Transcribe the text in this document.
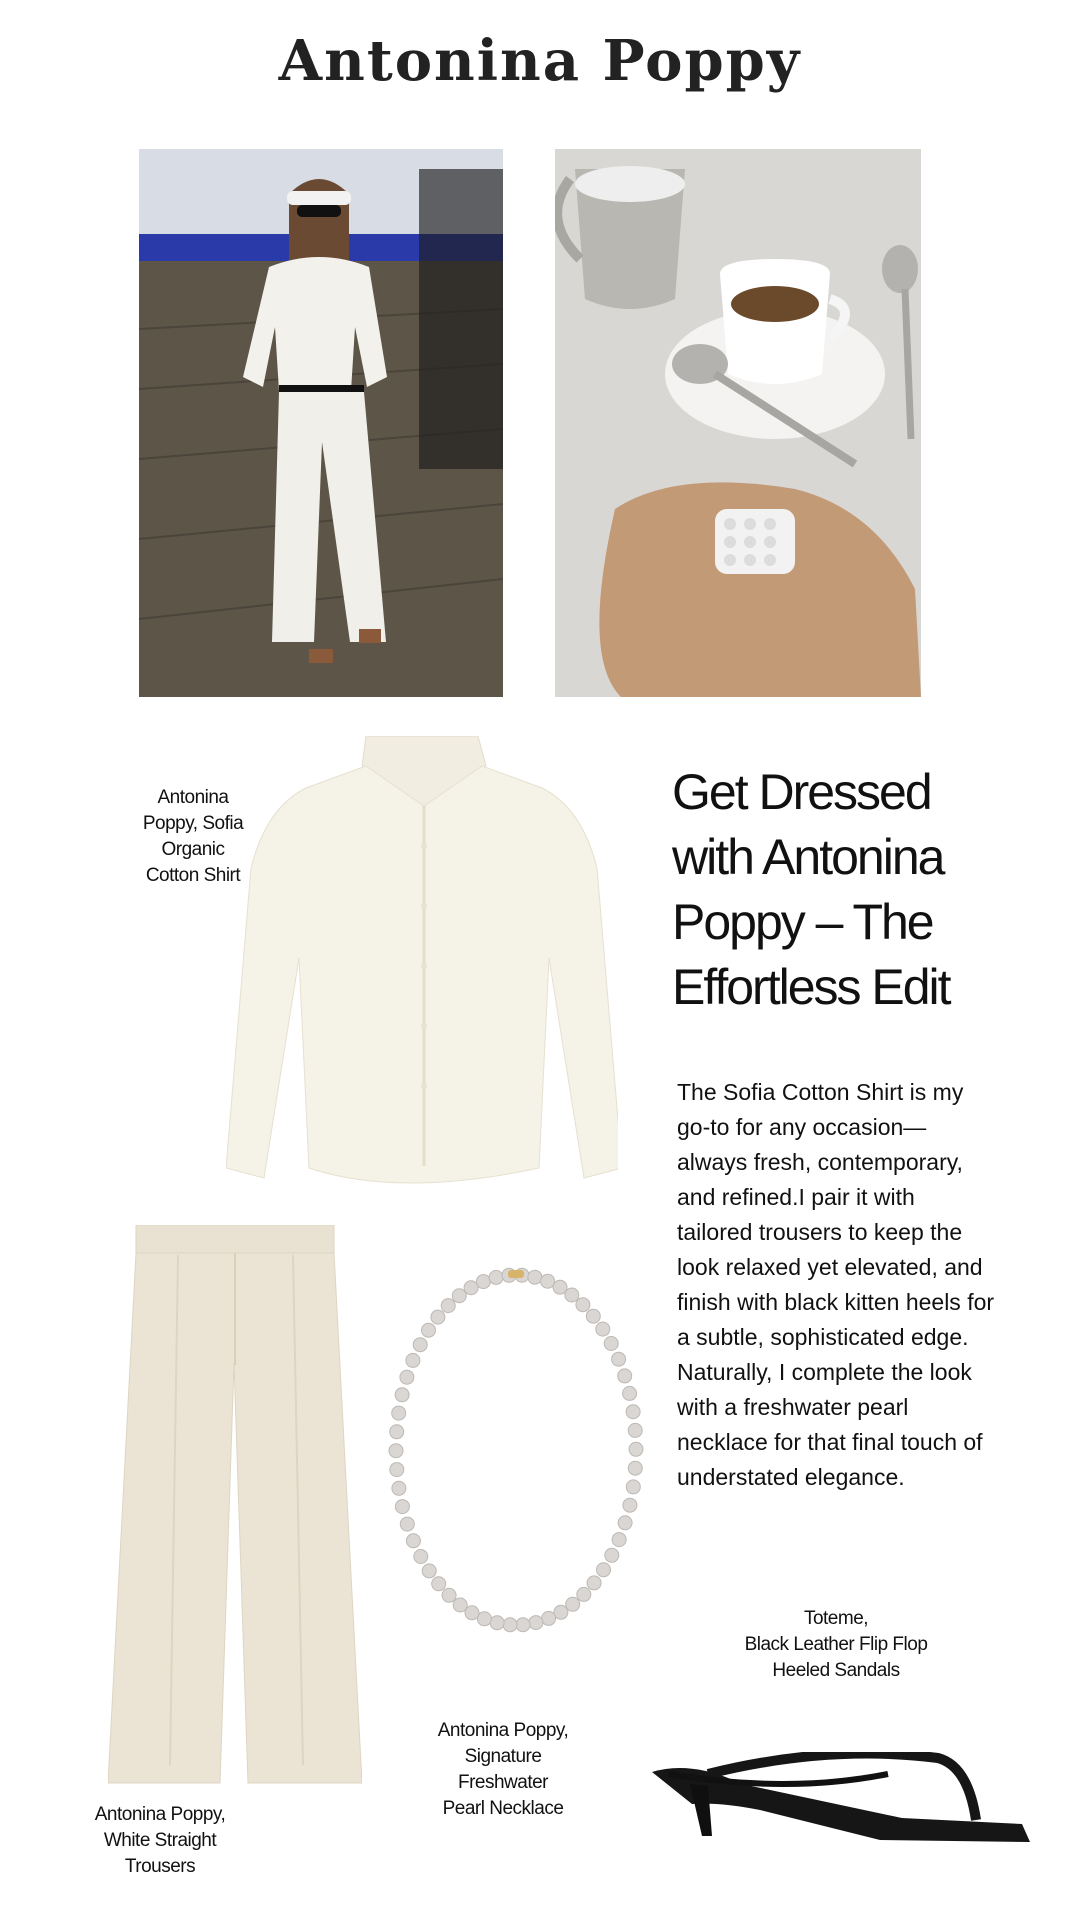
Antonina Poppy
Antonina
Poppy, Sofia
Organic
Cotton Shirt
Get Dressed
with Antonina
Poppy – The
Effortless Edit
The Sofia Cotton Shirt is my
go-to for any occasion—
always fresh, contemporary,
and refined.I pair it with
tailored trousers to keep the
look relaxed yet elevated, and
finish with black kitten heels for
a subtle, sophisticated edge.
Naturally, I complete the look
with a freshwater pearl
necklace for that final touch of
understated elegance.
Antonina Poppy,
White Straight
Trousers
Antonina Poppy,
Signature
Freshwater
Pearl Necklace
Toteme,
Black Leather Flip Flop
Heeled Sandals
